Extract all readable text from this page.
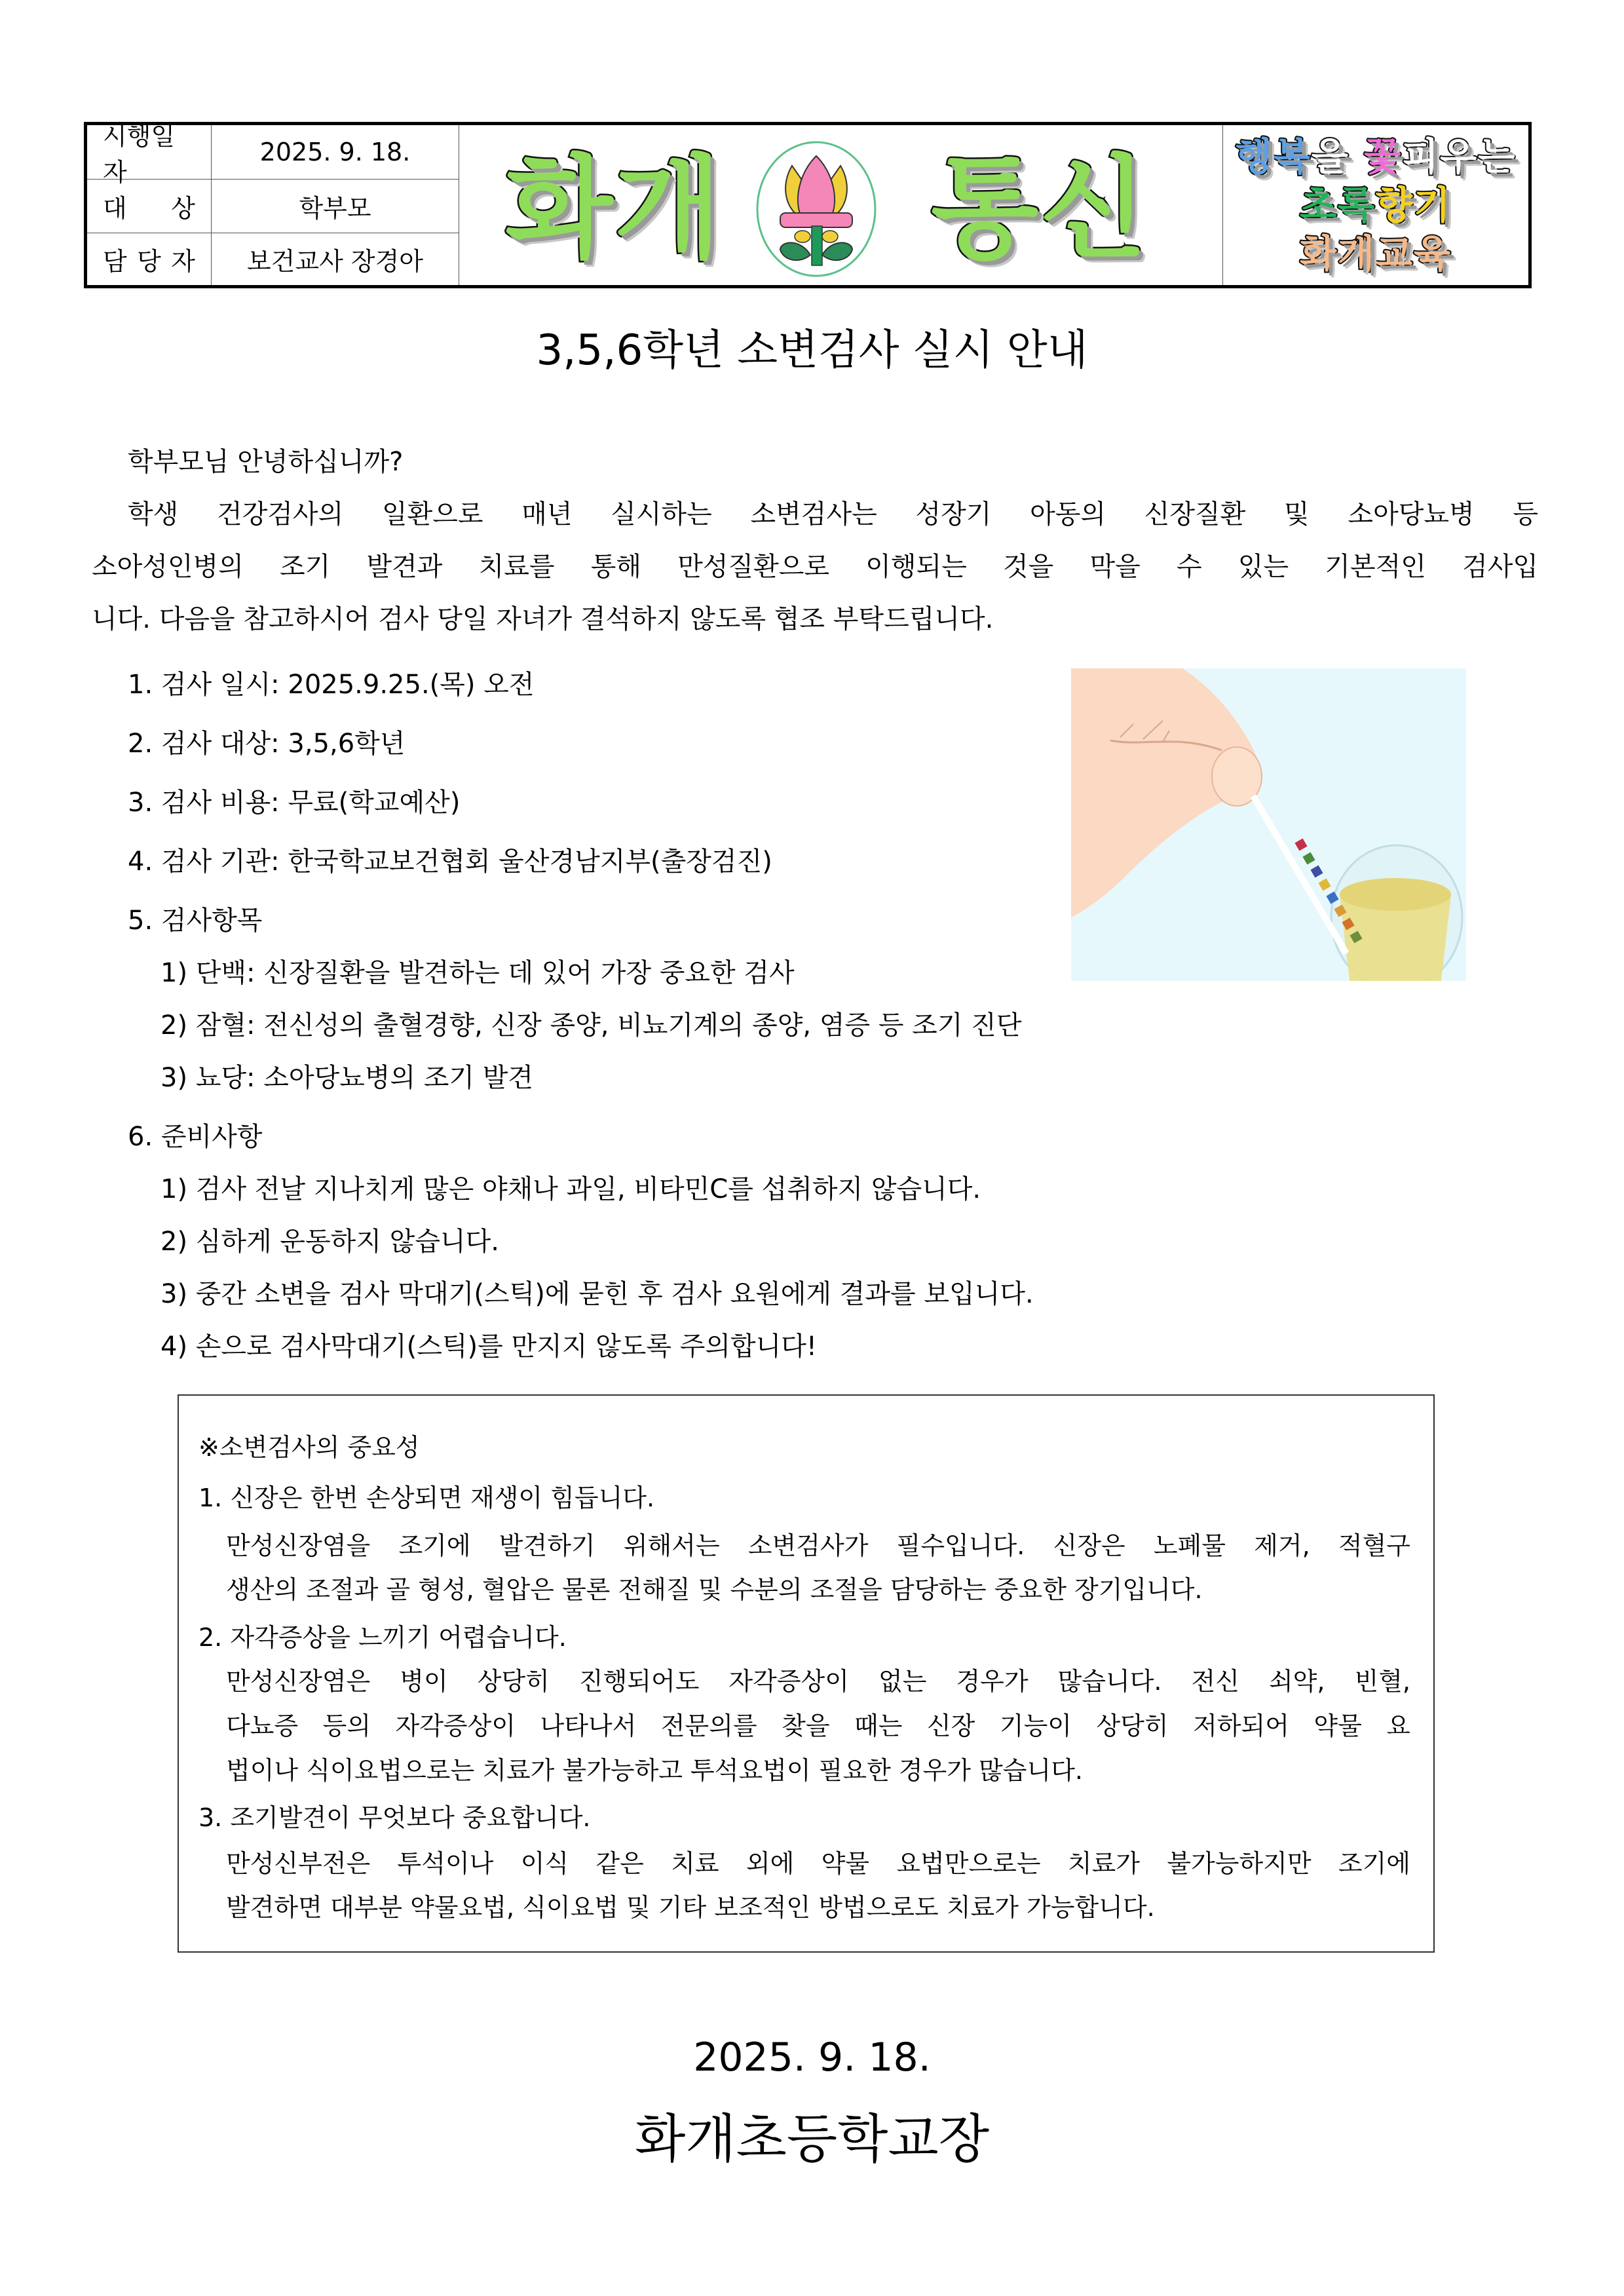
시행일자
2025. 9. 18.
대 상	학부모
담 당 자	보건교사 장경아 화개 통신 행복을 꽃피우는
초록향기
화개교육
3,5,6학년 소변검사 실시 안내
학부모님 안녕하십니까?
학생 건강검사의 일환으로 매년 실시하는 소변검사는 성장기 아동의 신장질환 및 소아당뇨병 등
소아성인병의 조기 발견과 치료를 통해 만성질환으로 이행되는 것을 막을 수 있는 기본적인 검사입
니다. 다음을 참고하시어 검사 당일 자녀가 결석하지 않도록 협조 부탁드립니다.
1. 검사 일시: 2025.9.25.(목) 오전
2. 검사 대상: 3,5,6학년
3. 검사 비용: 무료(학교예산)
4. 검사 기관: 한국학교보건협회 울산경남지부(출장검진)
5. 검사항목
1) 단백: 신장질환을 발견하는 데 있어 가장 중요한 검사
2) 잠혈: 전신성의 출혈경향, 신장 종양, 비뇨기계의 종양, 염증 등 조기 진단
3) 뇨당: 소아당뇨병의 조기 발견
6. 준비사항
1) 검사 전날 지나치게 많은 야채나 과일, 비타민C를 섭취하지 않습니다.
2) 심하게 운동하지 않습니다.
3) 중간 소변을 검사 막대기(스틱)에 묻힌 후 검사 요원에게 결과를 보입니다.
4) 손으로 검사막대기(스틱)를 만지지 않도록 주의합니다!
※소변검사의 중요성
1. 신장은 한번 손상되면 재생이 힘듭니다.
만성신장염을 조기에 발견하기 위해서는 소변검사가 필수입니다. 신장은 노폐물 제거, 적혈구
생산의 조절과 골 형성, 혈압은 물론 전해질 및 수분의 조절을 담당하는 중요한 장기입니다.
2. 자각증상을 느끼기 어렵습니다.
만성신장염은 병이 상당히 진행되어도 자각증상이 없는 경우가 많습니다. 전신 쇠약, 빈혈,
다뇨증 등의 자각증상이 나타나서 전문의를 찾을 때는 신장 기능이 상당히 저하되어 약물 요
법이나 식이요법으로는 치료가 불가능하고 투석요법이 필요한 경우가 많습니다.
3. 조기발견이 무엇보다 중요합니다.
만성신부전은 투석이나 이식 같은 치료 외에 약물 요법만으로는 치료가 불가능하지만 조기에
발견하면 대부분 약물요법, 식이요법 및 기타 보조적인 방법으로도 치료가 가능합니다.
2025. 9. 18.
화개초등학교장
